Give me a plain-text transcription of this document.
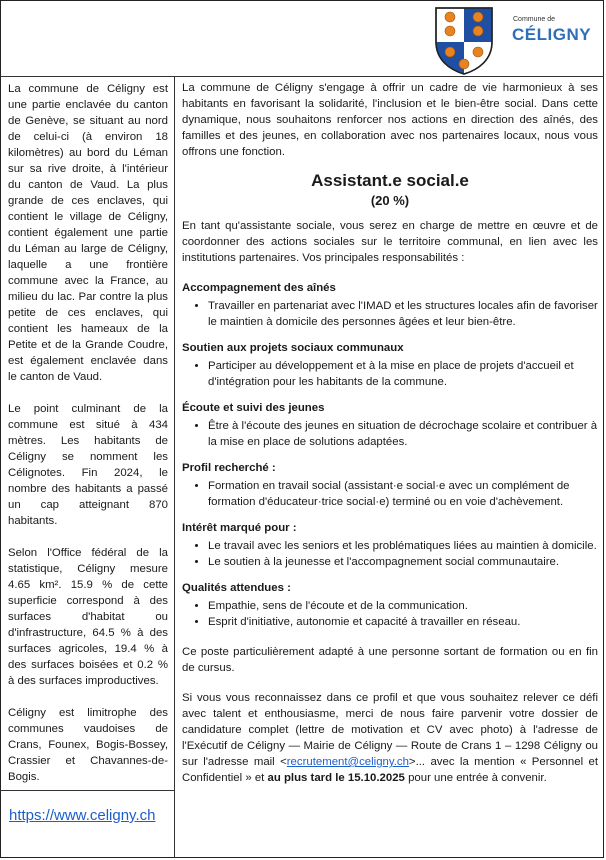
Commune de
CÉLIGNY

La commune de Céligny est une partie enclavée du canton de Genève, se situant au nord de celui-ci (à environ 18 kilomètres) au bord du Léman sur sa rive droite, à l'intérieur du canton de Vaud. La plus grande de ces enclaves, qui contient le village de Céligny, contient également une partie du Léman au large de Céligny, laquelle a une frontière commune avec la France, au milieu du lac. Par contre la plus petite de ces enclaves, qui contient les hameaux de la Petite et de la Grande Coudre, est également enclavée dans le canton de Vaud.

Le point culminant de la commune est situé à 434 mètres. Les habitants de Céligny se nomment les Célignotes. Fin 2024, le nombre des habitants a passé un cap atteignant 870 habitants.

Selon l'Office fédéral de la statistique, Céligny mesure 4.65 km². 15.9 % de cette superficie correspond à des surfaces d'habitat ou d'infrastructure, 64.5 % à des surfaces agricoles, 19.4 % à des surfaces boisées et 0.2 % à des surfaces improductives.

Céligny est limitrophe des communes vaudoises de Crans, Founex, Bogis-Bossey, Crassier et Chavannes-de-Bogis.

https://www.celigny.ch

La commune de Céligny s'engage à offrir un cadre de vie harmonieux à ses habitants en favorisant la solidarité, l'inclusion et le bien-être social. Dans cette dynamique, nous souhaitons renforcer nos actions en direction des aînés, des familles et des jeunes, en collaboration avec nos partenaires locaux, nous vous offrons une fonction.

Assistant.e social.e
(20 %)

En tant qu'assistante sociale, vous serez en charge de mettre en œuvre et de coordonner des actions sociales sur le territoire communal, en lien avec les institutions partenaires. Vos principales responsabilités :

Accompagnement des aînés
• Travailler en partenariat avec l'IMAD et les structures locales afin de favoriser le maintien à domicile des personnes âgées et leur bien-être.
Soutien aux projets sociaux communaux
• Participer au développement et à la mise en place de projets d'accueil et d'intégration pour les habitants de la commune.
Écoute et suivi des jeunes
• Être à l'écoute des jeunes en situation de décrochage scolaire et contribuer à la mise en place de solutions adaptées.
Profil recherché :
• Formation en travail social (assistant·e social·e avec un complément de formation d'éducateur·trice social·e) terminé ou en voie d'achèvement.
Intérêt marqué pour :
• Le travail avec les seniors et les problématiques liées au maintien à domicile.
• Le soutien à la jeunesse et l'accompagnement social communautaire.
Qualités attendues :
• Empathie, sens de l'écoute et de la communication.
• Esprit d'initiative, autonomie et capacité à travailler en réseau.

Ce poste particulièrement adapté à une personne sortant de formation ou en fin de cursus.

Si vous vous reconnaissez dans ce profil et que vous souhaitez relever ce défi avec talent et enthousiasme, merci de nous faire parvenir votre dossier de candidature complet (lettre de motivation et CV avec photo) à l'adresse de l'Exécutif de Céligny — Mairie de Céligny — Route de Crans 1 – 1298 Céligny ou sur l'adresse mail <recrutement@celigny.ch>... avec la mention « Personnel et Confidentiel » et au plus tard le 15.10.2025 pour une entrée à convenir.
